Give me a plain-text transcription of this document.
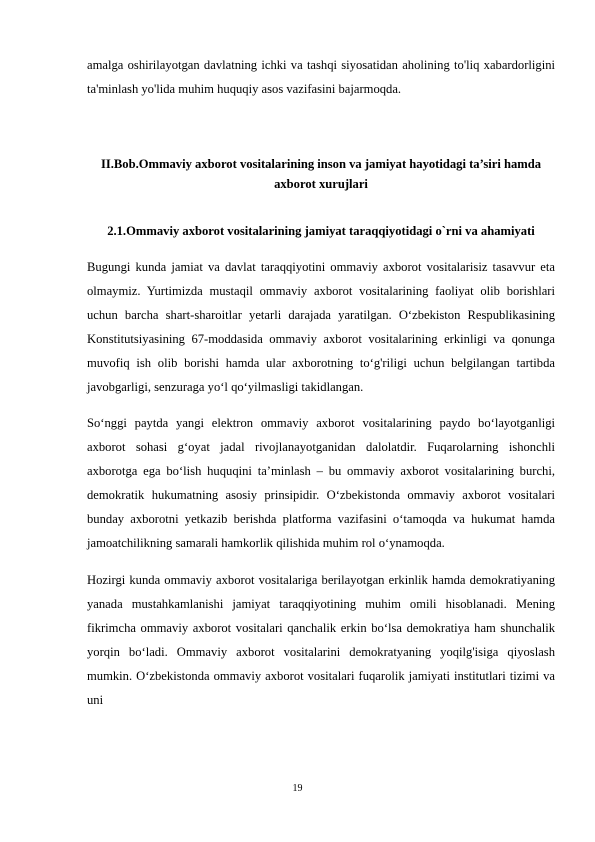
amalga oshirilayotgan davlatning ichki va tashqi siyosatidan aholining to'liq xabardorligini ta'minlash yo'lida muhim huquqiy asos vazifasini bajarmoqda.

II.Bob.Ommaviy axborot vositalarining inson va jamiyat hayotidagi ta’siri hamda axborot xurujlari

2.1.Ommaviy axborot vositalarining jamiyat taraqqiyotidagi o`rni va ahamiyati

Bugungi kunda jamiat va davlat taraqqiyotini ommaviy axborot vositalarisiz tasavvur eta olmaymiz. Yurtimizda mustaqil ommaviy axborot vositalarining faoliyat olib borishlari uchun barcha shart-sharoitlar yetarli darajada yaratilgan. O‘zbekiston Respublikasining Konstitutsiyasining 67-moddasida ommaviy axborot vositalarining erkinligi va qonunga muvofiq ish olib borishi hamda ular axborotning to‘g'riligi uchun belgilangan tartibda javobgarligi, senzuraga yo‘l qo‘yilmasligi takidlangan.

So‘nggi paytda yangi elektron ommaviy axborot vositalarining paydo bo‘layotganligi axborot sohasi g‘oyat jadal rivojlanayotganidan dalolatdir. Fuqarolarning ishonchli axborotga ega bo‘lish huquqini ta’minlash – bu ommaviy axborot vositalarining burchi, demokratik hukumatning asosiy prinsipidir. O‘zbekistonda ommaviy axborot vositalari bunday axborotni yetkazib berishda platforma vazifasini o‘tamoqda va hukumat hamda jamoatchilikning samarali hamkorlik qilishida muhim rol o‘ynamoqda.

Hozirgi kunda ommaviy axborot vositalariga berilayotgan erkinlik hamda demokratiyaning yanada mustahkamlanishi jamiyat taraqqiyotining muhim omili hisoblanadi. Mening fikrimcha ommaviy axborot vositalari qanchalik erkin bo‘lsa demokratiya ham shunchalik yorqin bo‘ladi. Ommaviy axborot vositalarini demokratyaning yoqilg'isiga qiyoslash mumkin. O‘zbekistonda ommaviy axborot vositalari fuqarolik jamiyati institutlari tizimi va uni

19
